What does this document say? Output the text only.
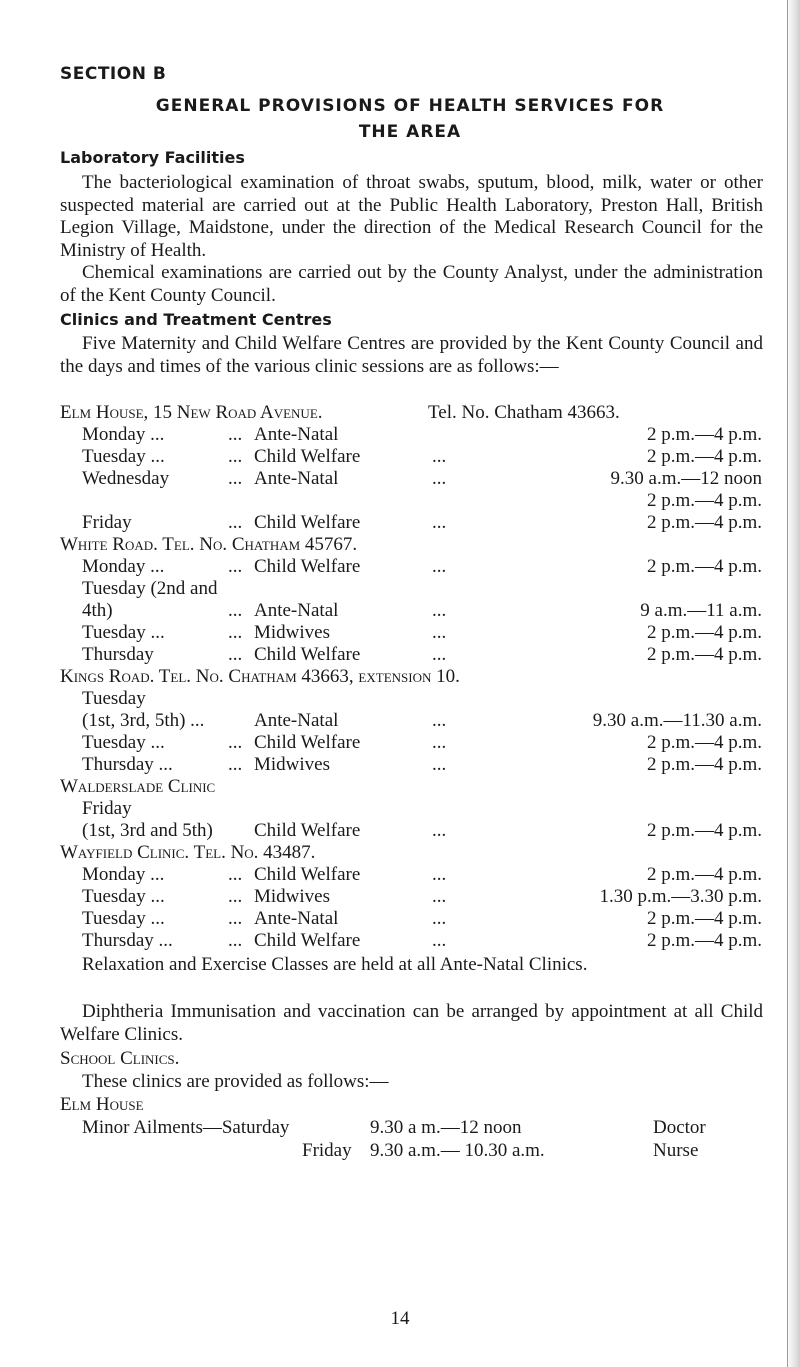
SECTION B
GENERAL PROVISIONS OF HEALTH SERVICES FOR
THE AREA
Laboratory Facilities
The bacteriological examination of throat swabs, sputum, blood, milk, water or other suspected material are carried out at the Public Health Laboratory, Preston Hall, British Legion Village, Maidstone, under the direction of the Medical Research Council for the Ministry of Health.
Chemical examinations are carried out by the County Analyst, under the administration of the Kent County Council.
Clinics and Treatment Centres
Five Maternity and Child Welfare Centres are provided by the Kent County Council and the days and times of the various clinic sessions are as follows:—
Elm House, 15 New Road Avenue.	Tel. No. Chatham 43663.
Monday ...	... Ante-Natal	2 p.m.—4 p.m.
Tuesday ...	... Child Welfare	...	2 p.m.—4 p.m.
Wednesday	... Ante-Natal	...	9.30 a.m.—12 noon
2 p.m.—4 p.m.
Friday	... Child Welfare	...	2 p.m.—4 p.m.
White Road. Tel. No. Chatham 45767.
Monday ...	... Child Welfare	...	2 p.m.—4 p.m.
Tuesday (2nd and
4th)	... Ante-Natal	...	9 a.m.—11 a.m.
Tuesday ...	... Midwives	...	2 p.m.—4 p.m.
Thursday	... Child Welfare	...	2 p.m.—4 p.m.
Kings Road. Tel. No. Chatham 43663, extension 10.
Tuesday
(1st, 3rd, 5th) ...	Ante-Natal	...	9.30 a.m.—11.30 a.m.
Tuesday ...	... Child Welfare	...	2 p.m.—4 p.m.
Thursday ...	... Midwives	...	2 p.m.—4 p.m.
Walderslade Clinic
Friday
(1st, 3rd and 5th) Child Welfare	...	2 p.m.—4 p.m.
Wayfield Clinic. Tel. No. 43487.
Monday ...	... Child Welfare	...	2 p.m.—4 p.m.
Tuesday ...	... Midwives	...	1.30 p.m.—3.30 p.m.
Tuesday ...	... Ante-Natal	...	2 p.m.—4 p.m.
Thursday ...	... Child Welfare	...	2 p.m.—4 p.m.
Relaxation and Exercise Classes are held at all Ante-Natal Clinics.
Diphtheria Immunisation and vaccination can be arranged by appointment at all Child Welfare Clinics.
School Clinics.
These clinics are provided as follows:—
Elm House
Minor Ailments—Saturday	9.30 a m.—12 noon	Doctor
Friday 9.30 a.m.— 10.30 a.m.	Nurse
14
